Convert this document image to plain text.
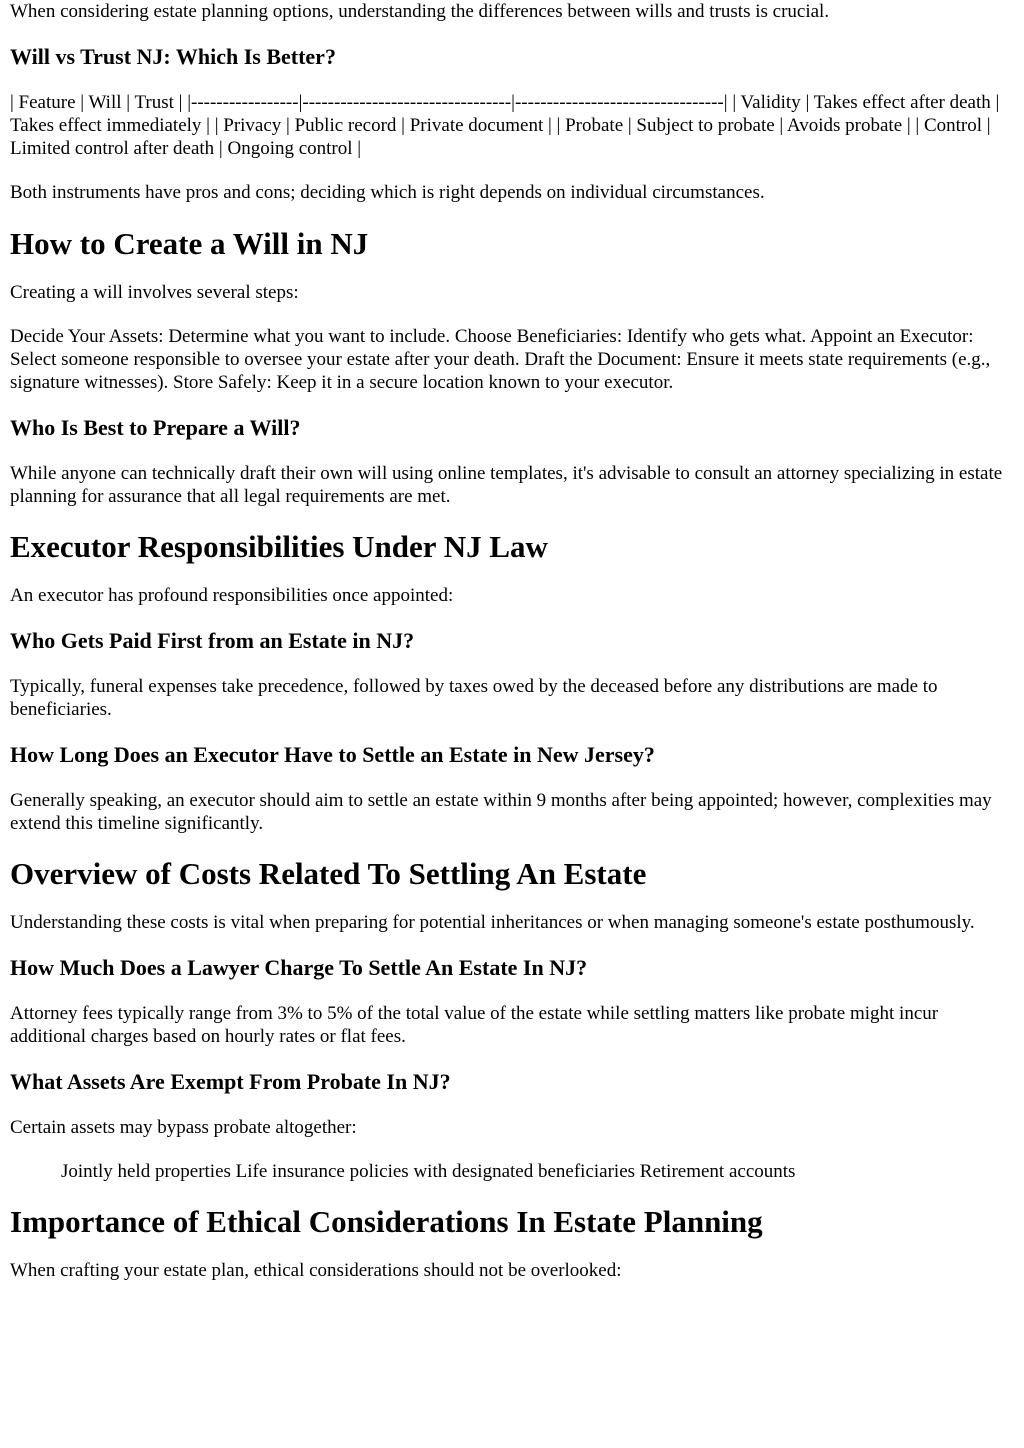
When considering estate planning options, understanding the differences between wills and trusts is crucial.

Will vs Trust NJ: Which Is Better?

| Feature | Will | Trust | |-----------------|---------------------------------|---------------------------------| | Validity | Takes effect after death | Takes effect immediately | | Privacy | Public record | Private document | | Probate | Subject to probate | Avoids probate | | Control | Limited control after death | Ongoing control |

Both instruments have pros and cons; deciding which is right depends on individual circumstances.

How to Create a Will in NJ

Creating a will involves several steps:

Decide Your Assets: Determine what you want to include. Choose Beneficiaries: Identify who gets what. Appoint an Executor: Select someone responsible to oversee your estate after your death. Draft the Document: Ensure it meets state requirements (e.g., signature witnesses). Store Safely: Keep it in a secure location known to your executor.

Who Is Best to Prepare a Will?

While anyone can technically draft their own will using online templates, it's advisable to consult an attorney specializing in estate planning for assurance that all legal requirements are met.

Executor Responsibilities Under NJ Law

An executor has profound responsibilities once appointed:

Who Gets Paid First from an Estate in NJ?

Typically, funeral expenses take precedence, followed by taxes owed by the deceased before any distributions are made to beneficiaries.

How Long Does an Executor Have to Settle an Estate in New Jersey?

Generally speaking, an executor should aim to settle an estate within 9 months after being appointed; however, complexities may extend this timeline significantly.

Overview of Costs Related To Settling An Estate

Understanding these costs is vital when preparing for potential inheritances or when managing someone's estate posthumously.

How Much Does a Lawyer Charge To Settle An Estate In NJ?

Attorney fees typically range from 3% to 5% of the total value of the estate while settling matters like probate might incur additional charges based on hourly rates or flat fees.

What Assets Are Exempt From Probate In NJ?

Certain assets may bypass probate altogether:

Jointly held properties Life insurance policies with designated beneficiaries Retirement accounts

Importance of Ethical Considerations In Estate Planning

When crafting your estate plan, ethical considerations should not be overlooked:
